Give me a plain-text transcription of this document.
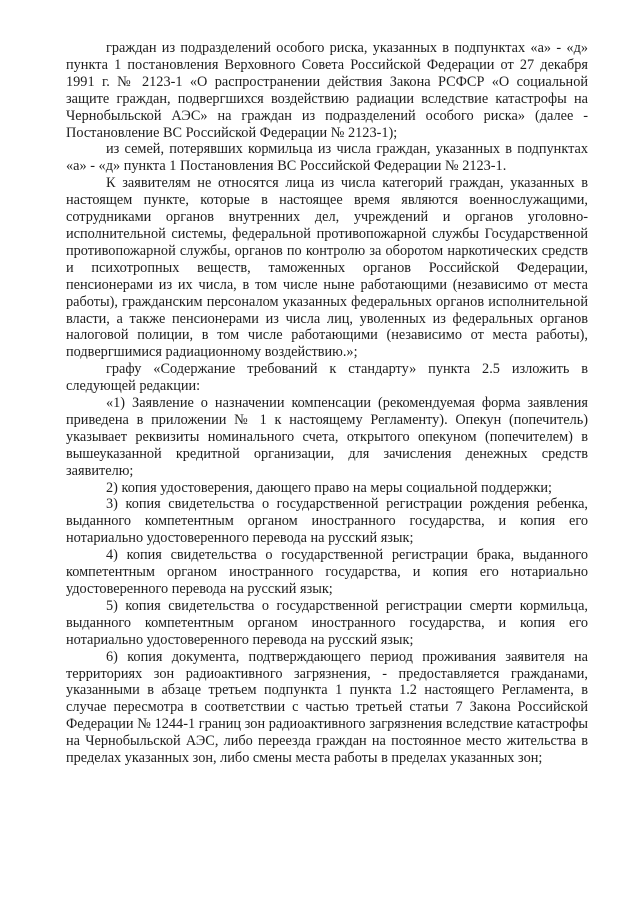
граждан из подразделений особого риска, указанных в подпунктах «а» - «д» пункта 1 постановления Верховного Совета Российской Федерации от 27 декабря 1991 г. № 2123-1 «О распространении действия Закона РСФСР «О социальной защите граждан, подвергшихся воздействию радиации вследствие катастрофы на Чернобыльской АЭС» на граждан из подразделений особого риска» (далее - Постановление ВС Российской Федерации № 2123-1);

из семей, потерявших кормильца из числа граждан, указанных в подпунктах «а» - «д» пункта 1 Постановления ВС Российской Федерации № 2123-1.

К заявителям не относятся лица из числа категорий граждан, указанных в настоящем пункте, которые в настоящее время являются военнослужащими, сотрудниками органов внутренних дел, учреждений и органов уголовно-исполнительной системы, федеральной противопожарной службы Государственной противопожарной службы, органов по контролю за оборотом наркотических средств и психотропных веществ, таможенных органов Российской Федерации, пенсионерами из их числа, в том числе ныне работающими (независимо от места работы), гражданским персоналом указанных федеральных органов исполнительной власти, а также пенсионерами из числа лиц, уволенных из федеральных органов налоговой полиции, в том числе работающими (независимо от места работы), подвергшимися радиационному воздействию.»;

графу «Содержание требований к стандарту» пункта 2.5 изложить в следующей редакции:

«1) Заявление о назначении компенсации (рекомендуемая форма заявления приведена в приложении № 1 к настоящему Регламенту). Опекун (попечитель) указывает реквизиты номинального счета, открытого опекуном (попечителем) в вышеуказанной кредитной организации, для зачисления денежных средств заявителю;

2) копия удостоверения, дающего право на меры социальной поддержки;

3) копия свидетельства о государственной регистрации рождения ребенка, выданного компетентным органом иностранного государства, и копия его нотариально удостоверенного перевода на русский язык;

4) копия свидетельства о государственной регистрации брака, выданного компетентным органом иностранного государства, и копия его нотариально удостоверенного перевода на русский язык;

5) копия свидетельства о государственной регистрации смерти кормильца, выданного компетентным органом иностранного государства, и копия его нотариально удостоверенного перевода на русский язык;

6) копия документа, подтверждающего период проживания заявителя на территориях зон радиоактивного загрязнения, - предоставляется гражданами, указанными в абзаце третьем подпункта 1 пункта 1.2 настоящего Регламента, в случае пересмотра в соответствии с частью третьей статьи 7 Закона Российской Федерации № 1244-1 границ зон радиоактивного загрязнения вследствие катастрофы на Чернобыльской АЭС, либо переезда граждан на постоянное место жительства в пределах указанных зон, либо смены места работы в пределах указанных зон;
